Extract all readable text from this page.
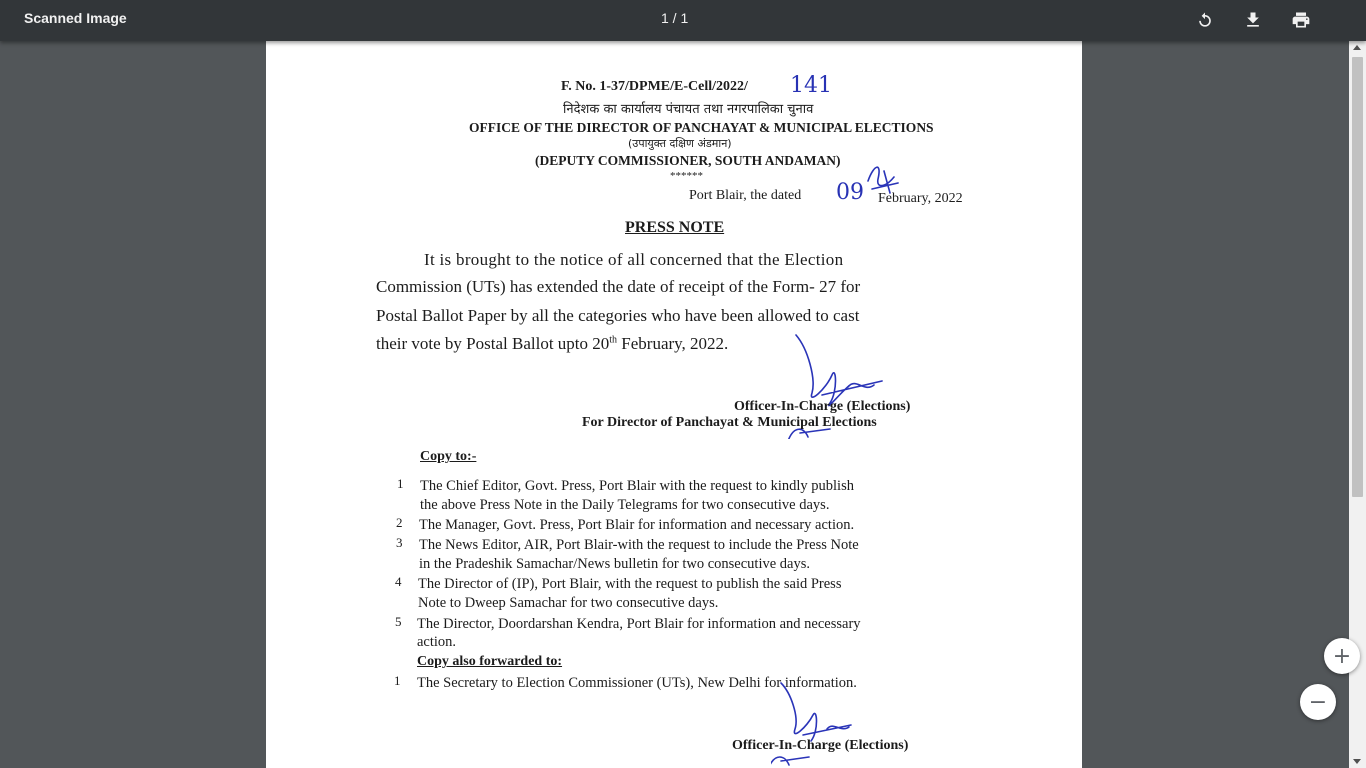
Scanned Image	1 / 1
F. No. 1-37/DPME/E-Cell/2022/ 141
निदेशक का कार्यालय पंचायत तथा नगरपालिका चुनाव
OFFICE OF THE DIRECTOR OF PANCHAYAT & MUNICIPAL ELECTIONS
(उपायुक्त दक्षिण अंडमान)
(DEPUTY COMMISSIONER, SOUTH ANDAMAN)
******
Port Blair, the dated 09 February, 2022
PRESS NOTE
It is brought to the notice of all concerned that the Election
Commission (UTs) has extended the date of receipt of the Form- 27 for
Postal Ballot Paper by all the categories who have been allowed to cast
their vote by Postal Ballot upto 20th February, 2022.
Officer-In-Charge (Elections)
For Director of Panchayat & Municipal Elections
Copy to:-
1 The Chief Editor, Govt. Press, Port Blair with the request to kindly publish
the above Press Note in the Daily Telegrams for two consecutive days.
2 The Manager, Govt. Press, Port Blair for information and necessary action.
3 The News Editor, AIR, Port Blair-with the request to include the Press Note
in the Pradeshik Samachar/News bulletin for two consecutive days.
4 The Director of (IP), Port Blair, with the request to publish the said Press
Note to Dweep Samachar for two consecutive days.
5 The Director, Doordarshan Kendra, Port Blair for information and necessary
action.
Copy also forwarded to:
1 The Secretary to Election Commissioner (UTs), New Delhi for information.
Officer-In-Charge (Elections)
+
−
